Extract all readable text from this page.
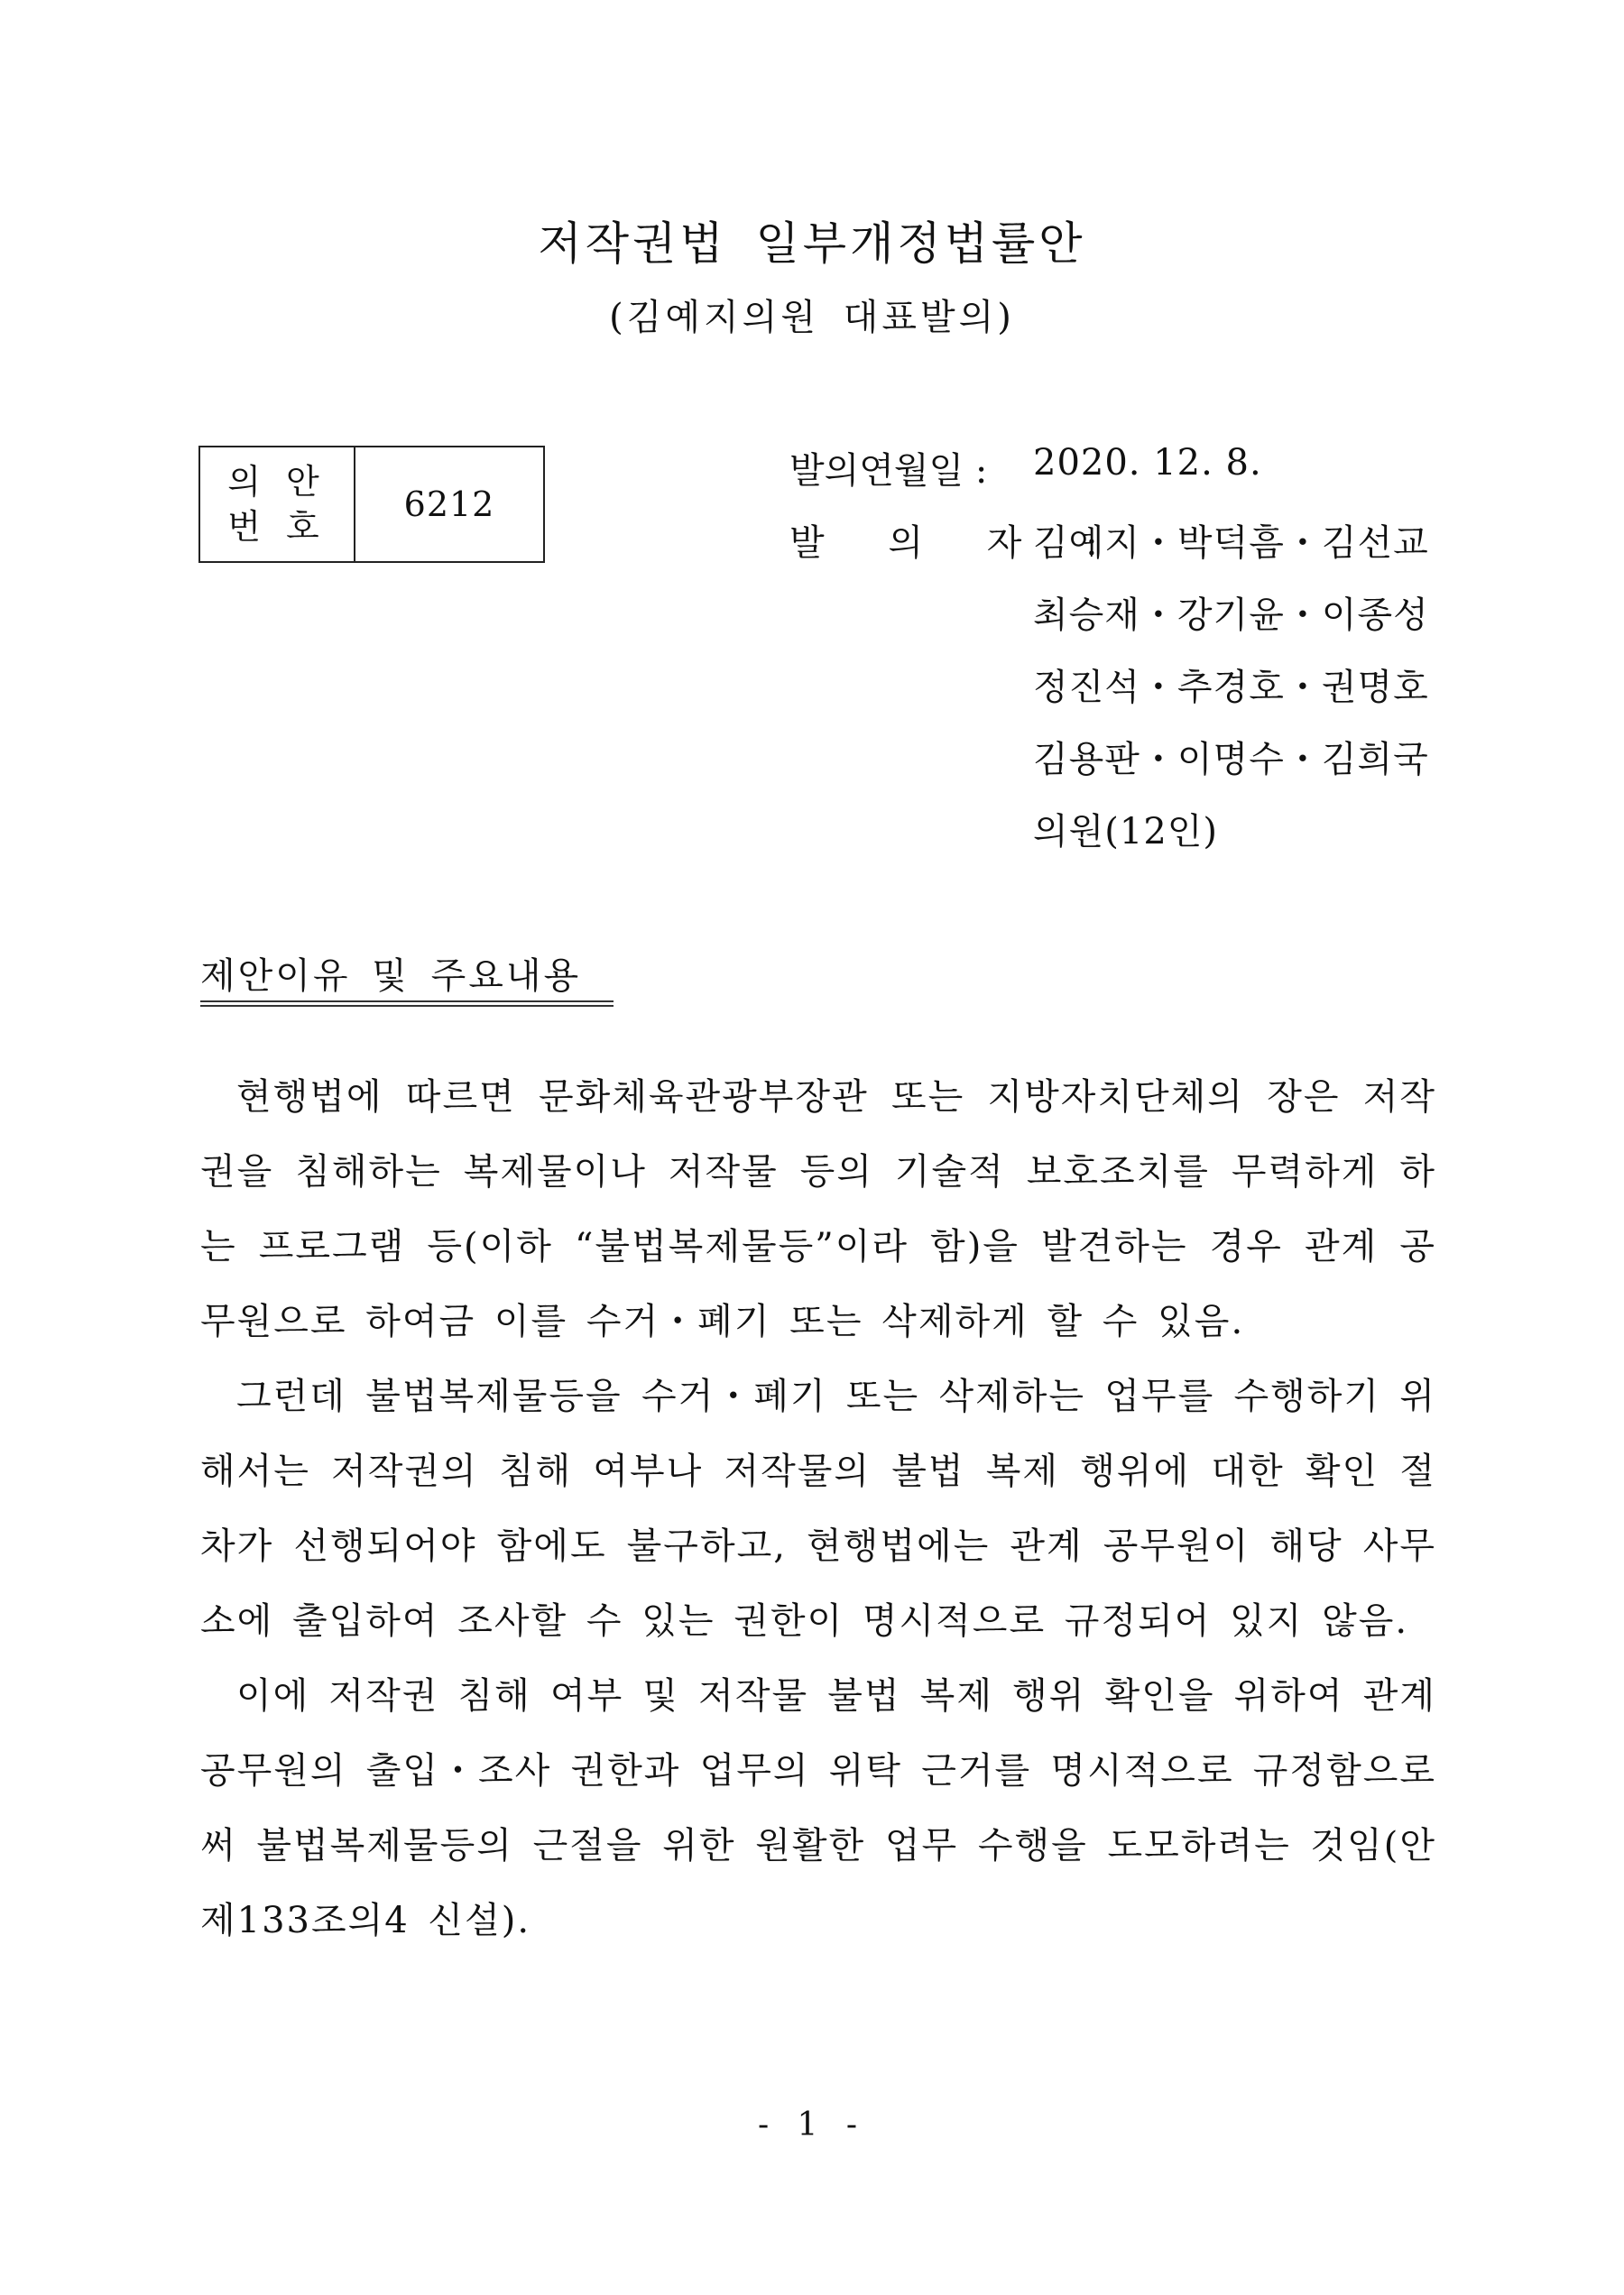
저작권법 일부개정법률안
(김예지의원 대표발의)
의 안
번 호
	6212
발의연월일 : 2020. 12. 8.
발 의 자 :
김예지・박덕흠・김선교
최승재・강기윤・이종성
정진석・추경호・권명호
김용판・이명수・김희국
의원(12인)
제안이유 및 주요내용

현행법에 따르면 문화체육관광부장관 또는 지방자치단체의 장은 저작권을 침해하는 복제물이나 저작물 등의 기술적 보호조치를 무력하게 하는 프로그램 등(이하 “불법복제물등”이라 함)을 발견하는 경우 관계 공무원으로 하여금 이를 수거・폐기 또는 삭제하게 할 수 있음.

그런데 불법복제물등을 수거・폐기 또는 삭제하는 업무를 수행하기 위해서는 저작권의 침해 여부나 저작물의 불법 복제 행위에 대한 확인 절차가 선행되어야 함에도 불구하고, 현행법에는 관계 공무원이 해당 사무소에 출입하여 조사할 수 있는 권한이 명시적으로 규정되어 있지 않음.

이에 저작권 침해 여부 및 저작물 불법 복제 행위 확인을 위하여 관계 공무원의 출입・조사 권한과 업무의 위탁 근거를 명시적으로 규정함으로써 불법복제물등의 근절을 위한 원활한 업무 수행을 도모하려는 것임(안 제133조의4 신설).

- 1 -
